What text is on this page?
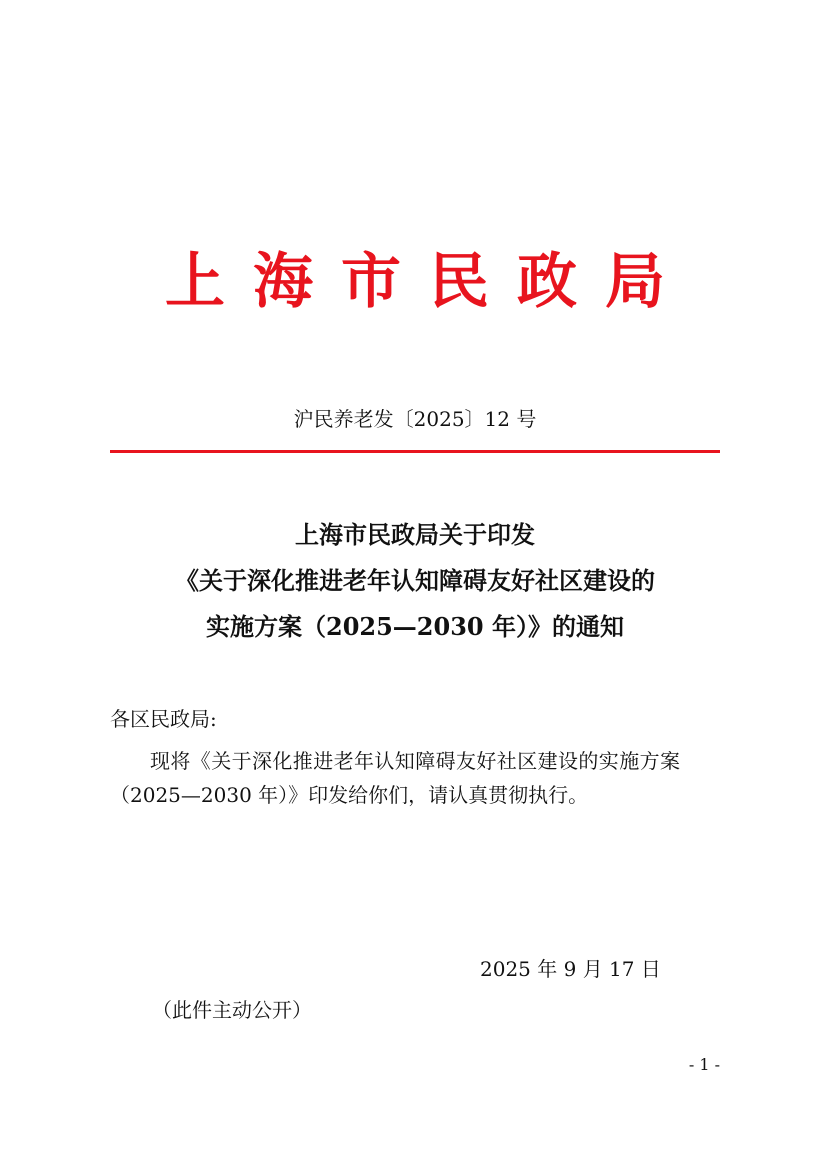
上海市民政局
沪民养老发〔2025〕12 号
上海市民政局关于印发
《关于深化推进老年认知障碍友好社区建设的
实施方案（2025—2030 年）》的通知
各区民政局:
现将《关于深化推进老年认知障碍友好社区建设的实施方案
（2025—2030 年）》印发给你们，请认真贯彻执行。
2025 年 9 月 17 日
（此件主动公开）
- 1 -
